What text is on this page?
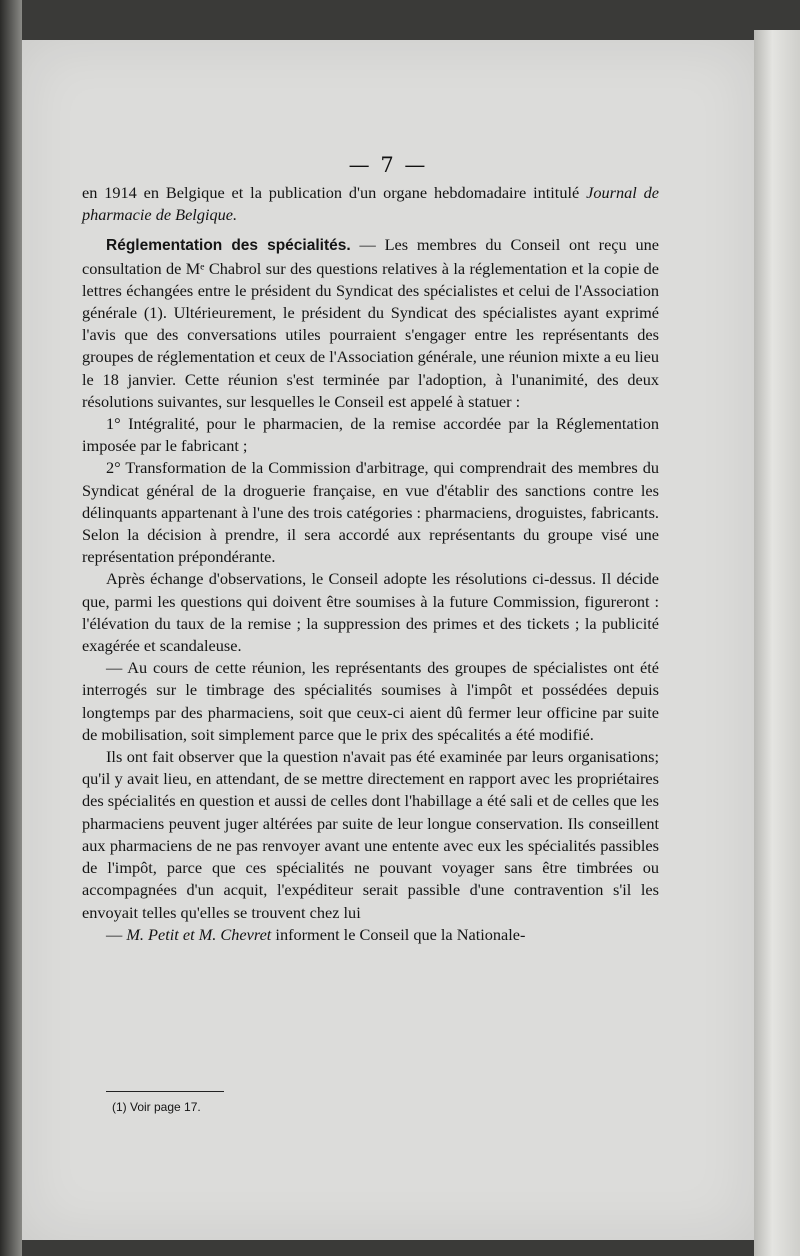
— 7 —

en 1914 en Belgique et la publication d'un organe hebdomadaire intitulé Journal de pharmacie de Belgique.

Réglementation des spécialités. — Les membres du Conseil ont reçu une consultation de Mᵉ Chabrol sur des questions relatives à la réglementation et la copie de lettres échangées entre le président du Syndicat des spécialistes et celui de l'Association générale (1). Ultérieurement, le président du Syndicat des spécialistes ayant exprimé l'avis que des conversations utiles pourraient s'engager entre les représentants des groupes de réglementation et ceux de l'Association générale, une réunion mixte a eu lieu le 18 janvier. Cette réunion s'est terminée par l'adoption, à l'unanimité, des deux résolutions suivantes, sur lesquelles le Conseil est appelé à statuer :

1° Intégralité, pour le pharmacien, de la remise accordée par la Réglementation imposée par le fabricant ;

2° Transformation de la Commission d'arbitrage, qui comprendrait des membres du Syndicat général de la droguerie française, en vue d'établir des sanctions contre les délinquants appartenant à l'une des trois catégories : pharmaciens, droguistes, fabricants. Selon la décision à prendre, il sera accordé aux représentants du groupe visé une représentation prépondérante.

Après échange d'observations, le Conseil adopte les résolutions ci-dessus. Il décide que, parmi les questions qui doivent être soumises à la future Commission, figureront : l'élévation du taux de la remise ; la suppression des primes et des tickets ; la publicité exagérée et scandaleuse.

— Au cours de cette réunion, les représentants des groupes de spécialistes ont été interrogés sur le timbrage des spécialités soumises à l'impôt et possédées depuis longtemps par des pharmaciens, soit que ceux-ci aient dû fermer leur officine par suite de mobilisation, soit simplement parce que le prix des spécalités a été modifié.

Ils ont fait observer que la question n'avait pas été examinée par leurs organisations; qu'il y avait lieu, en attendant, de se mettre directement en rapport avec les propriétaires des spécialités en question et aussi de celles dont l'habillage a été sali et de celles que les pharmaciens peuvent juger altérées par suite de leur longue conservation. Ils conseillent aux pharmaciens de ne pas renvoyer avant une entente avec eux les spécialités passibles de l'impôt, parce que ces spécialités ne pouvant voyager sans être timbrées ou accompagnées d'un acquit, l'expéditeur serait passible d'une contravention s'il les envoyait telles qu'elles se trouvent chez lui

— M. Petit et M. Chevret informent le Conseil que la Nationale-

(1) Voir page 17.
